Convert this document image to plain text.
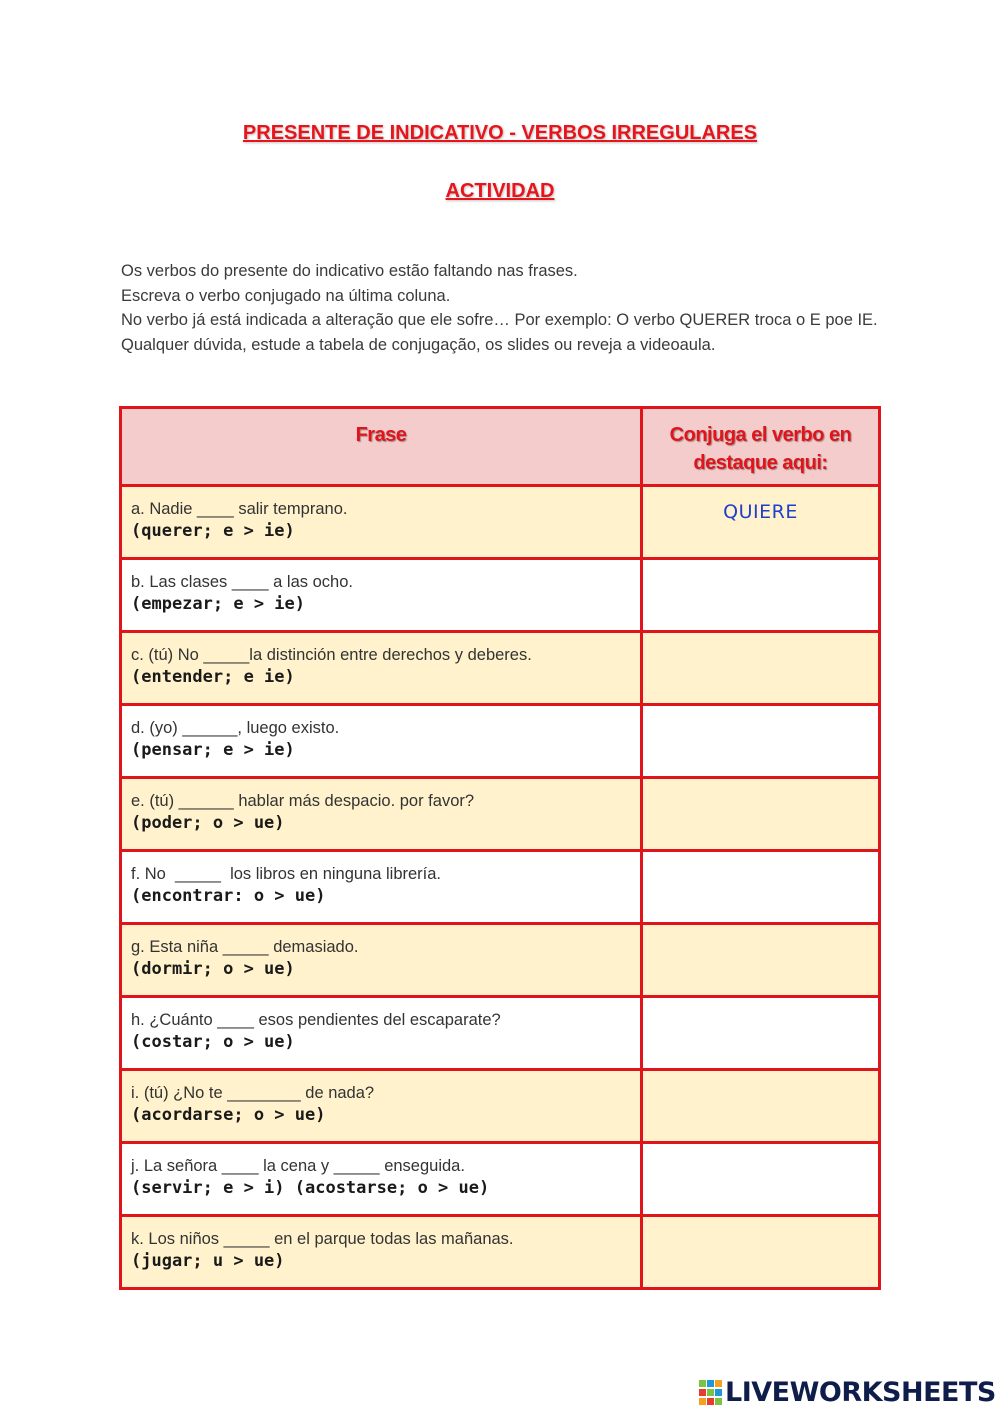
PRESENTE DE INDICATIVO - VERBOS IRREGULARES
ACTIVIDAD

Os verbos do presente do indicativo estão faltando nas frases.

Escreva o verbo conjugado na última coluna.

No verbo já está indicada a alteração que ele sofre… Por exemplo: O verbo QUERER troca o E poe IE.

Qualquer dúvida, estude a tabela de conjugação, os slides ou reveja a videoaula.

Frase	Conjuga el verbo en
destaque aqui:

a. Nadie ____ salir temprano.
(querer; e > ie)	QUIERE

b. Las clases ____ a las ocho.
(empezar; e > ie)	

c. (tú) No _____la distinción entre derechos y deberes.
(entender; e ie)	

d. (yo) ______, luego existo.
(pensar; e > ie)	

e. (tú) ______ hablar más despacio. por favor?
(poder; o > ue)	

f. No  _____  los libros en ninguna librería.
(encontrar: o > ue)	

g. Esta niña _____ demasiado.
(dormir; o > ue)	

h. ¿Cuánto ____ esos pendientes del escaparate?
(costar; o > ue)	

i. (tú) ¿No te ________ de nada?
(acordarse; o > ue)	

j. La señora ____ la cena y _____ enseguida.
(servir; e > i) (acostarse; o > ue)	

k. Los niños _____ en el parque todas las mañanas.
(jugar; u > ue)	

LIVEWORKSHEETS
